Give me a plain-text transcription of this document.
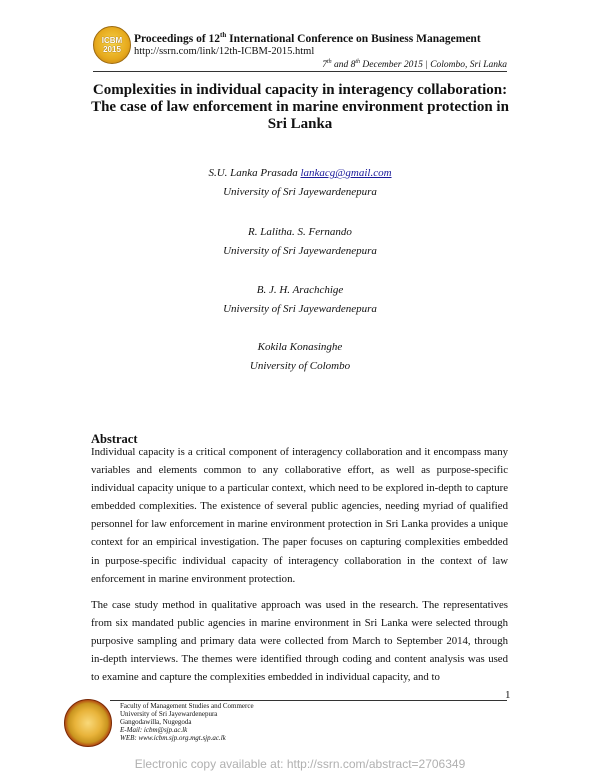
ICBM 2015
Proceedings of 12th International Conference on Business Management
http://ssrn.com/link/12th-ICBM-2015.html
7th and 8th December 2015 | Colombo, Sri Lanka
Complexities in individual capacity in interagency collaboration: The case of law enforcement in marine environment protection in Sri Lanka
S.U. Lanka Prasada lankacg@gmail.com
University of Sri Jayewardenepura
R. Lalitha. S. Fernando
University of Sri Jayewardenepura
B. J. H. Arachchige
University of Sri Jayewardenepura
Kokila Konasinghe
University of Colombo
Abstract
Individual capacity is a critical component of interagency collaboration and it encompass many variables and elements common to any collaborative effort, as well as purpose-specific individual capacity unique to a particular context, which need to be explored in-depth to capture embedded complexities. The existence of several public agencies, needing myriad of qualified personnel for law enforcement in marine environment protection in Sri Lanka provides a unique context for an empirical investigation. The paper focuses on capturing complexities embedded in purpose-specific individual capacity of interagency collaboration in the context of law enforcement in marine environment protection.
The case study method in qualitative approach was used in the research. The representatives from six mandated public agencies in marine environment in Sri Lanka were selected through purposive sampling and primary data were collected from March to September 2014, through in-depth interviews. The themes were identified through coding and content analysis was used to examine and capture the complexities embedded in individual capacity, and to
1
Faculty of Management Studies and Commerce
University of Sri Jayewardenepura
Gangodawilla, Nugegoda
E-Mail: icbm@sjp.ac.lk
WEB: www.icbm.sjp.org.mgt.sjp.ac.lk
Electronic copy available at: http://ssrn.com/abstract=2706349
